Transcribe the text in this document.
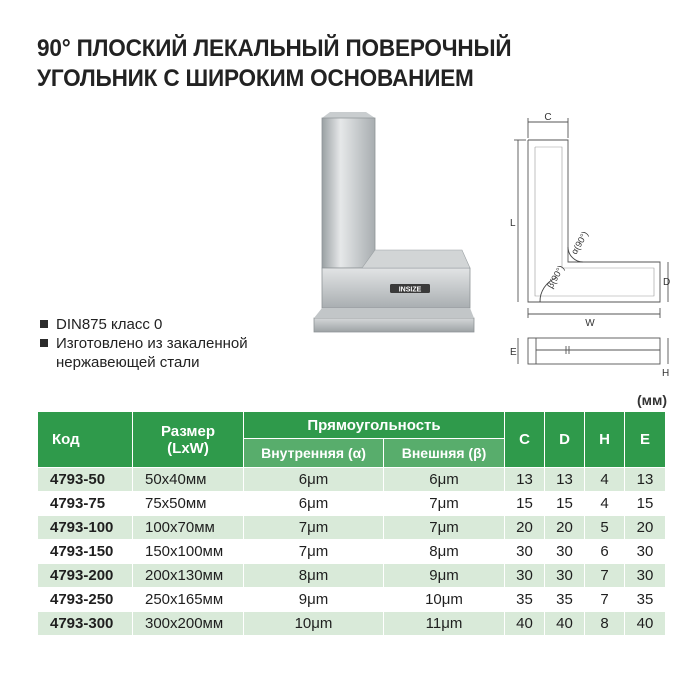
90° ПЛОСКИЙ ЛЕКАЛЬНЫЙ ПОВЕРОЧНЫЙ
УГОЛЬНИК С ШИРОКИМ ОСНОВАНИЕМ
INSIZE
C
L
α(90°)
β(90°)	D
W
E
H
DIN875 класс 0
Изготовлено из закаленной нержавеющей стали
(мм)
Код	Размер
(LxW)	Прямоугольность		C	D	H	E
		Внутренняя (α)	Внешняя (β)				
4793-50	50x40мм	6μm	6μm	13	13	4	13
4793-75	75x50мм	6μm	7μm	15	15	4	15
4793-100	100x70мм	7μm	7μm	20	20	5	20
4793-150	150x100мм	7μm	8μm	30	30	6	30
4793-200	200x130мм	8μm	9μm	30	30	7	30
4793-250	250x165мм	9μm	10μm	35	35	7	35
4793-300	300x200мм	10μm	11μm	40	40	8	40
